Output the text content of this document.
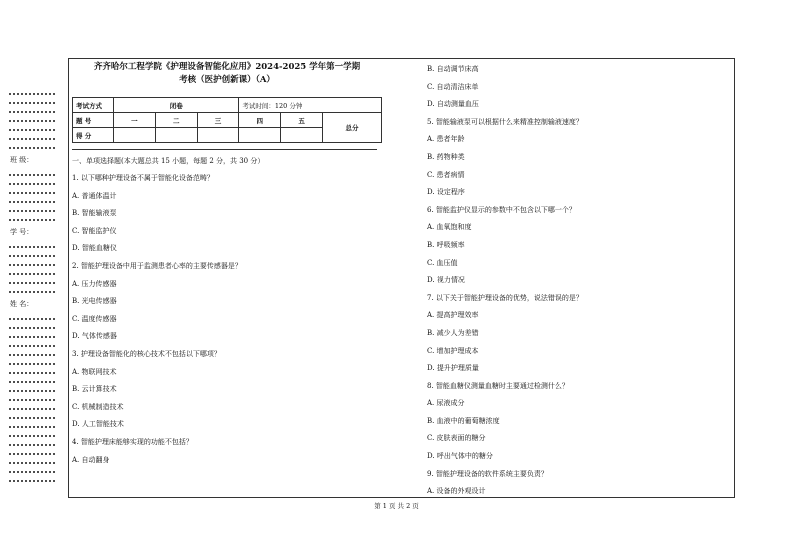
班 级：
学 号：
姓 名：
齐齐哈尔工程学院《护理设备智能化应用》2024-2025 学年第一学期
考核（医护创新课）（A）
考试方式	闭卷			考试时间：120 分钟		
题 号	一	二	三	四	五	总分
得 分						
一、单项选择题(本大题总共 15 小题，每题 2 分，共 30 分）
1. 以下哪种护理设备不属于智能化设备范畴？
A. 普通体温计
B. 智能输液泵
C. 智能监护仪
D. 智能血糖仪
2. 智能护理设备中用于监测患者心率的主要传感器是？
A. 压力传感器
B. 光电传感器
C. 温度传感器
D. 气体传感器
3. 护理设备智能化的核心技术不包括以下哪项？
A. 物联网技术
B. 云计算技术
C. 机械制造技术
D. 人工智能技术
4. 智能护理床能够实现的功能不包括？
A. 自动翻身
B. 自动调节床高
C. 自动清洁床单
D. 自动测量血压
5. 智能输液泵可以根据什么来精准控制输液速度？
A. 患者年龄
B. 药物种类
C. 患者病情
D. 设定程序
6. 智能监护仪显示的参数中不包含以下哪一个？
A. 血氧饱和度
B. 呼吸频率
C. 血压值
D. 视力情况
7. 以下关于智能护理设备的优势，说法错误的是？
A. 提高护理效率
B. 减少人为差错
C. 增加护理成本
D. 提升护理质量
8. 智能血糖仪测量血糖时主要通过检测什么？
A. 尿液成分
B. 血液中的葡萄糖浓度
C. 皮肤表面的糖分
D. 呼出气体中的糖分
9. 智能护理设备的软件系统主要负责？
A. 设备的外观设计
第 1 页 共 2 页
